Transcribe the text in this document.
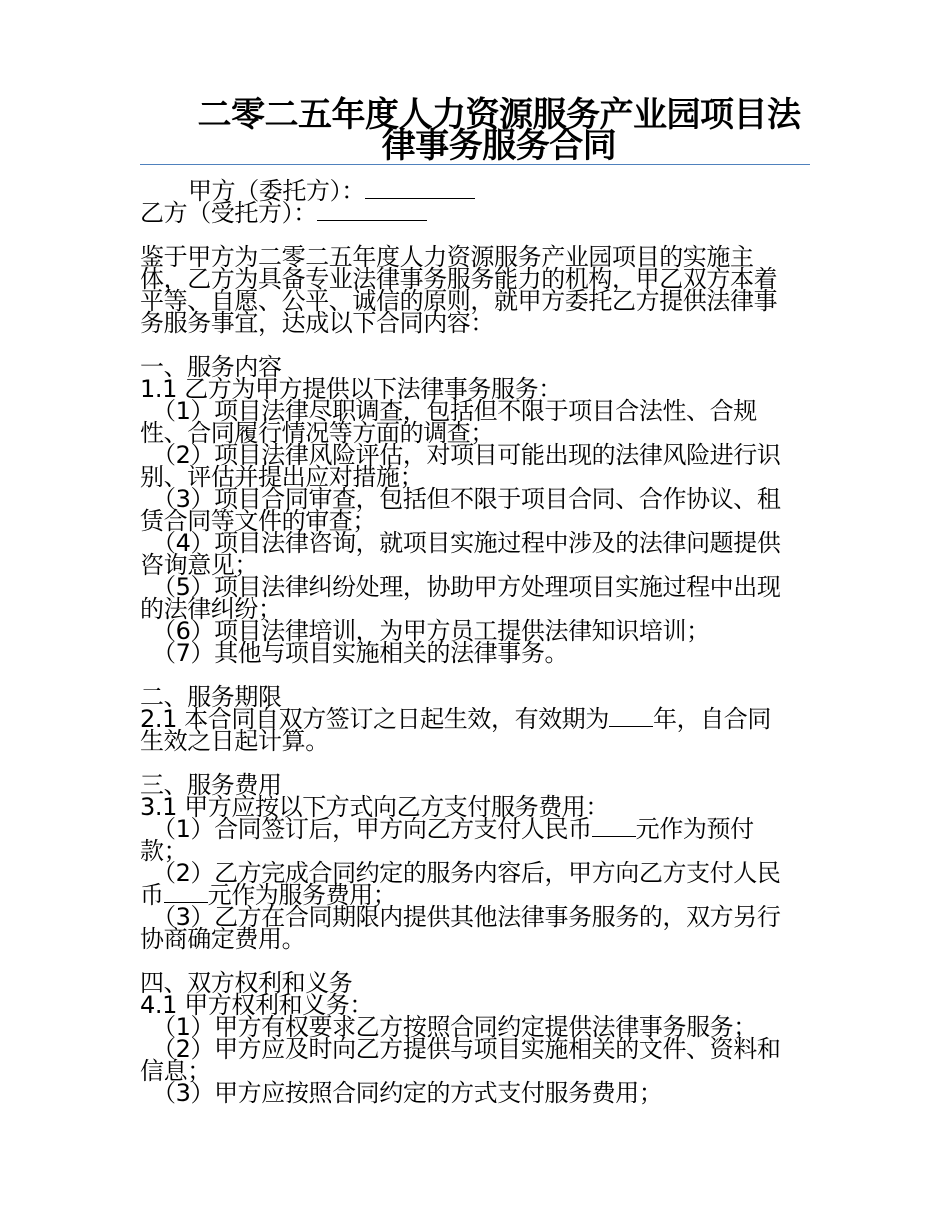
二零二五年度人力资源服务产业园项目法律事务服务合同
甲方（委托方）：
乙方（受托方）：
鉴于甲方为二零二五年度人力资源服务产业园项目的实施主
体，乙方为具备专业法律事务服务能力的机构，甲乙双方本着
平等、自愿、公平、诚信的原则，就甲方委托乙方提供法律事
务服务事宜，达成以下合同内容：
一、服务内容
1.1 乙方为甲方提供以下法律事务服务：
（1）项目法律尽职调查，包括但不限于项目合法性、合规
性、合同履行情况等方面的调查；
（2）项目法律风险评估，对项目可能出现的法律风险进行识
别、评估并提出应对措施；
（3）项目合同审查，包括但不限于项目合同、合作协议、租
赁合同等文件的审查；
（4）项目法律咨询，就项目实施过程中涉及的法律问题提供
咨询意见；
（5）项目法律纠纷处理，协助甲方处理项目实施过程中出现
的法律纠纷；
（6）项目法律培训，为甲方员工提供法律知识培训；
（7）其他与项目实施相关的法律事务。
二、服务期限
2.1 本合同自双方签订之日起生效，有效期为 年，自合同
生效之日起计算。
三、服务费用
3.1 甲方应按以下方式向乙方支付服务费用：
（1）合同签订后，甲方向乙方支付人民币 元作为预付
款；
（2）乙方完成合同约定的服务内容后，甲方向乙方支付人民
币 元作为服务费用；
（3）乙方在合同期限内提供其他法律事务服务的，双方另行
协商确定费用。
四、双方权利和义务
4.1 甲方权利和义务：
（1）甲方有权要求乙方按照合同约定提供法律事务服务；
（2）甲方应及时向乙方提供与项目实施相关的文件、资料和
信息；
（3）甲方应按照合同约定的方式支付服务费用；
